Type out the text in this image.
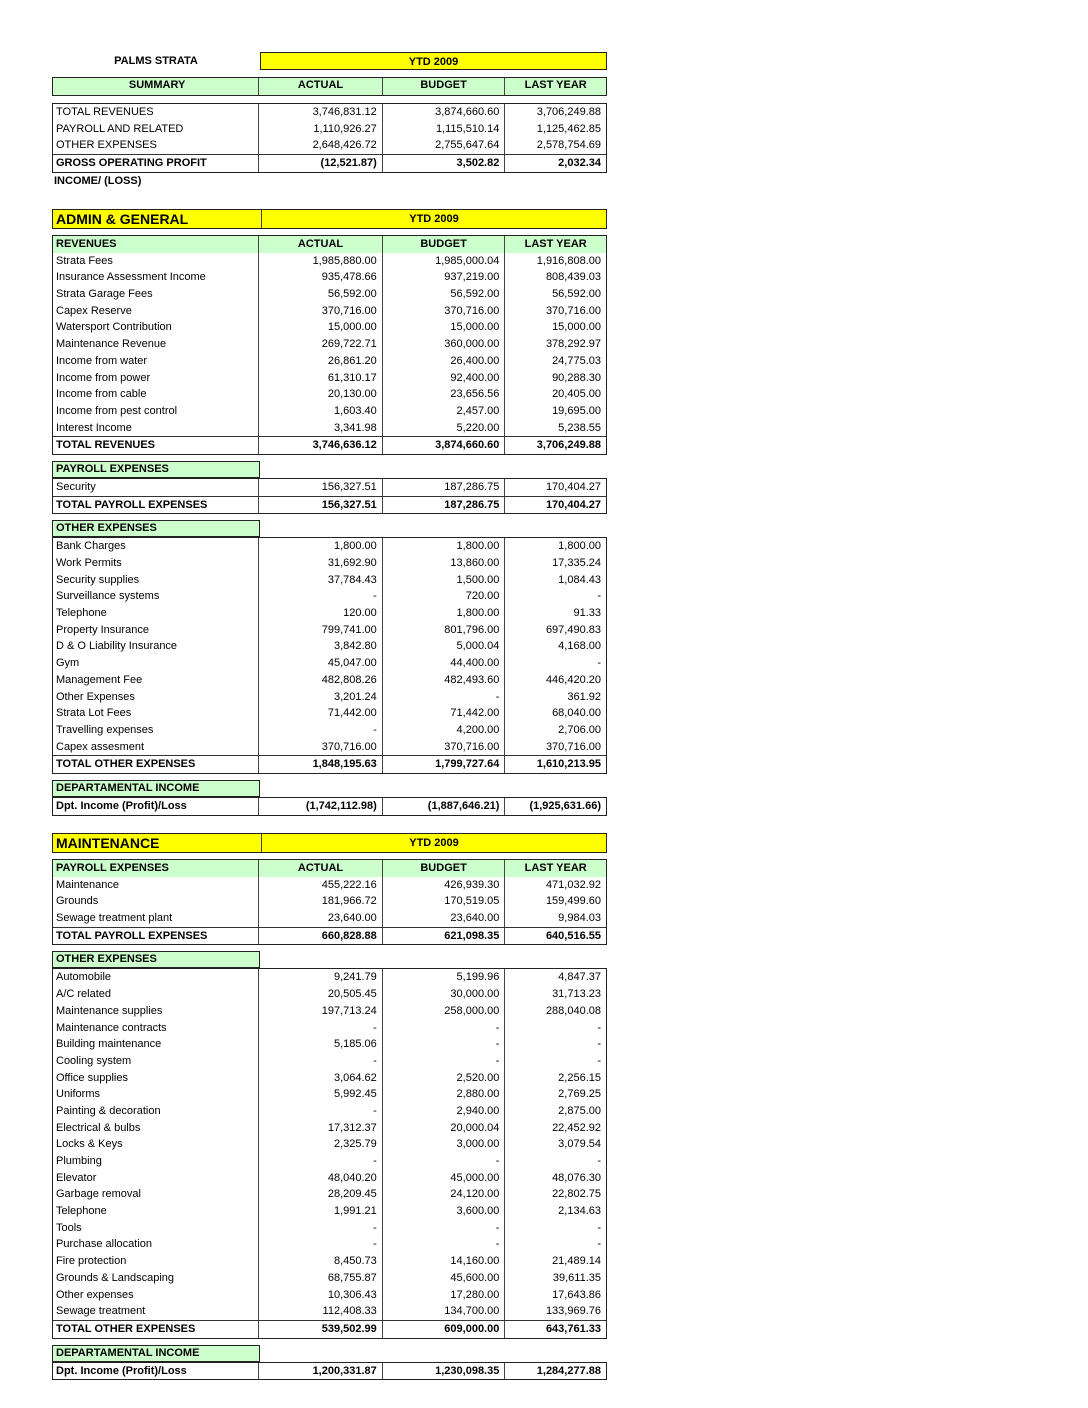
PALMS STRATA	YTD 2009
SUMMARY	ACTUAL	BUDGET	LAST YEAR
TOTAL REVENUES	3,746,831.12	3,874,660.60	3,706,249.88
PAYROLL AND RELATED	1,110,926.27	1,115,510.14	1,125,462.85
OTHER EXPENSES	2,648,426.72	2,755,647.64	2,578,754.69
GROSS OPERATING PROFIT	(12,521.87)	3,502.82	2,032.34
INCOME/ (LOSS)
ADMIN & GENERAL	YTD 2009
REVENUES	ACTUAL	BUDGET	LAST YEAR
Strata Fees	1,985,880.00	1,985,000.04	1,916,808.00
Insurance Assessment Income	935,478.66	937,219.00	808,439.03
Strata Garage Fees	56,592.00	56,592.00	56,592.00
Capex Reserve	370,716.00	370,716.00	370,716.00
Watersport Contribution	15,000.00	15,000.00	15,000.00
Maintenance Revenue	269,722.71	360,000.00	378,292.97
Income from water	26,861.20	26,400.00	24,775.03
Income from power	61,310.17	92,400.00	90,288.30
Income from cable	20,130.00	23,656.56	20,405.00
Income from pest control	1,603.40	2,457.00	19,695.00
Interest Income	3,341.98	5,220.00	5,238.55
TOTAL REVENUES	3,746,636.12	3,874,660.60	3,706,249.88
PAYROLL EXPENSES
Security	156,327.51	187,286.75	170,404.27
TOTAL PAYROLL EXPENSES	156,327.51	187,286.75	170,404.27
OTHER EXPENSES
Bank Charges	1,800.00	1,800.00	1,800.00
Work Permits	31,692.90	13,860.00	17,335.24
Security supplies	37,784.43	1,500.00	1,084.43
Surveillance systems	-	720.00	-
Telephone	120.00	1,800.00	91.33
Property Insurance	799,741.00	801,796.00	697,490.83
D & O Liability Insurance	3,842.80	5,000.04	4,168.00
Gym	45,047.00	44,400.00	-
Management Fee	482,808.26	482,493.60	446,420.20
Other Expenses	3,201.24	-	361.92
Strata Lot Fees	71,442.00	71,442.00	68,040.00
Travelling expenses	-	4,200.00	2,706.00
Capex assesment	370,716.00	370,716.00	370,716.00
TOTAL OTHER EXPENSES	1,848,195.63	1,799,727.64	1,610,213.95
DEPARTAMENTAL INCOME
Dpt. Income (Profit)/Loss	(1,742,112.98)	(1,887,646.21)	(1,925,631.66)
MAINTENANCE	YTD 2009
PAYROLL EXPENSES	ACTUAL	BUDGET	LAST YEAR
Maintenance	455,222.16	426,939.30	471,032.92
Grounds	181,966.72	170,519.05	159,499.60
Sewage treatment plant	23,640.00	23,640.00	9,984.03
TOTAL PAYROLL EXPENSES	660,828.88	621,098.35	640,516.55
OTHER EXPENSES
Automobile	9,241.79	5,199.96	4,847.37
A/C related	20,505.45	30,000.00	31,713.23
Maintenance supplies	197,713.24	258,000.00	288,040.08
Maintenance contracts	-	-	-
Building maintenance	5,185.06	-	-
Cooling system	-	-	-
Office supplies	3,064.62	2,520.00	2,256.15
Uniforms	5,992.45	2,880.00	2,769.25
Painting & decoration	-	2,940.00	2,875.00
Electrical & bulbs	17,312.37	20,000.04	22,452.92
Locks & Keys	2,325.79	3,000.00	3,079.54
Plumbing	-	-	-
Elevator	48,040.20	45,000.00	48,076.30
Garbage removal	28,209.45	24,120.00	22,802.75
Telephone	1,991.21	3,600.00	2,134.63
Tools	-	-	-
Purchase allocation	-	-	-
Fire protection	8,450.73	14,160.00	21,489.14
Grounds & Landscaping	68,755.87	45,600.00	39,611.35
Other expenses	10,306.43	17,280.00	17,643.86
Sewage treatment	112,408.33	134,700.00	133,969.76
TOTAL OTHER EXPENSES	539,502.99	609,000.00	643,761.33
DEPARTAMENTAL INCOME
Dpt. Income (Profit)/Loss	1,200,331.87	1,230,098.35	1,284,277.88
